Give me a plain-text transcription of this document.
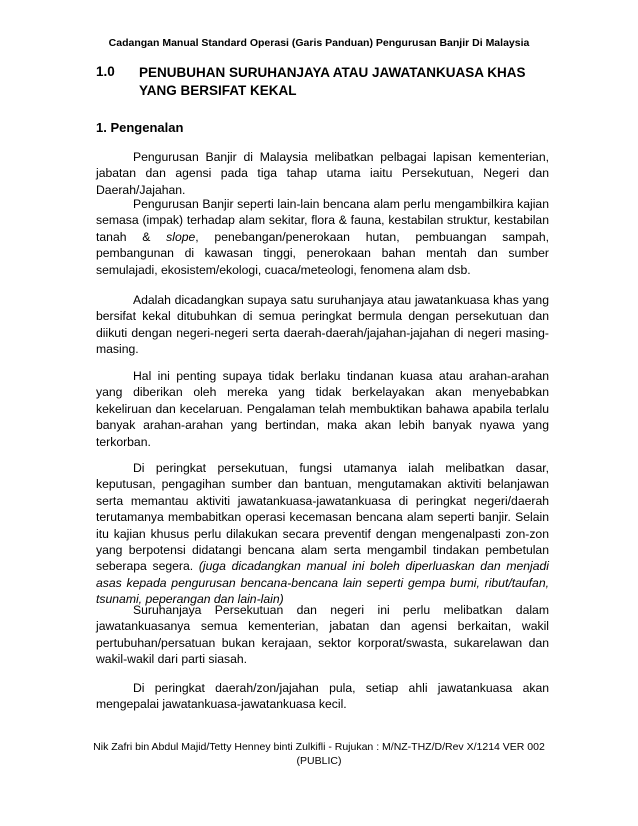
Cadangan Manual Standard Operasi (Garis Panduan) Pengurusan Banjir Di Malaysia
1.0 PENUBUHAN SURUHANJAYA ATAU JAWATANKUASA KHAS YANG BERSIFAT KEKAL
1. Pengenalan

Pengurusan Banjir di Malaysia melibatkan pelbagai lapisan kementerian, jabatan dan agensi pada tiga tahap utama iaitu Persekutuan, Negeri dan Daerah/Jajahan.

Pengurusan Banjir seperti lain-lain bencana alam perlu mengambilkira kajian semasa (impak) terhadap alam sekitar, flora & fauna, kestabilan struktur, kestabilan tanah & slope, penebangan/penerokaan hutan, pembuangan sampah, pembangunan di kawasan tinggi, penerokaan bahan mentah dan sumber semulajadi, ekosistem/ekologi, cuaca/meteologi, fenomena alam dsb.

Adalah dicadangkan supaya satu suruhanjaya atau jawatankuasa khas yang bersifat kekal ditubuhkan di semua peringkat bermula dengan persekutuan dan diikuti dengan negeri-negeri serta daerah-daerah/jajahan-jajahan di negeri masing-masing.

Hal ini penting supaya tidak berlaku tindanan kuasa atau arahan-arahan yang diberikan oleh mereka yang tidak berkelayakan akan menyebabkan kekeliruan dan kecelaruan. Pengalaman telah membuktikan bahawa apabila terlalu banyak arahan-arahan yang bertindan, maka akan lebih banyak nyawa yang terkorban.

Di peringkat persekutuan, fungsi utamanya ialah melibatkan dasar, keputusan, pengagihan sumber dan bantuan, mengutamakan aktiviti belanjawan serta memantau aktiviti jawatankuasa-jawatankuasa di peringkat negeri/daerah terutamanya membabitkan operasi kecemasan bencana alam seperti banjir. Selain itu kajian khusus perlu dilakukan secara preventif dengan mengenalpasti zon-zon yang berpotensi didatangi bencana alam serta mengambil tindakan pembetulan seberapa segera. (juga dicadangkan manual ini boleh diperluaskan dan menjadi asas kepada pengurusan bencana-bencana lain seperti gempa bumi, ribut/taufan, tsunami, peperangan dan lain-lain)

Suruhanjaya Persekutuan dan negeri ini perlu melibatkan dalam jawatankuasanya semua kementerian, jabatan dan agensi berkaitan, wakil pertubuhan/persatuan bukan kerajaan, sektor korporat/swasta, sukarelawan dan wakil-wakil dari parti siasah.

Di peringkat daerah/zon/jajahan pula, setiap ahli jawatankuasa akan mengepalai jawatankuasa-jawatankuasa kecil.

Nik Zafri bin Abdul Majid/Tetty Henney binti Zulkifli - Rujukan : M/NZ-THZ/D/Rev X/1214 VER 002
(PUBLIC)
